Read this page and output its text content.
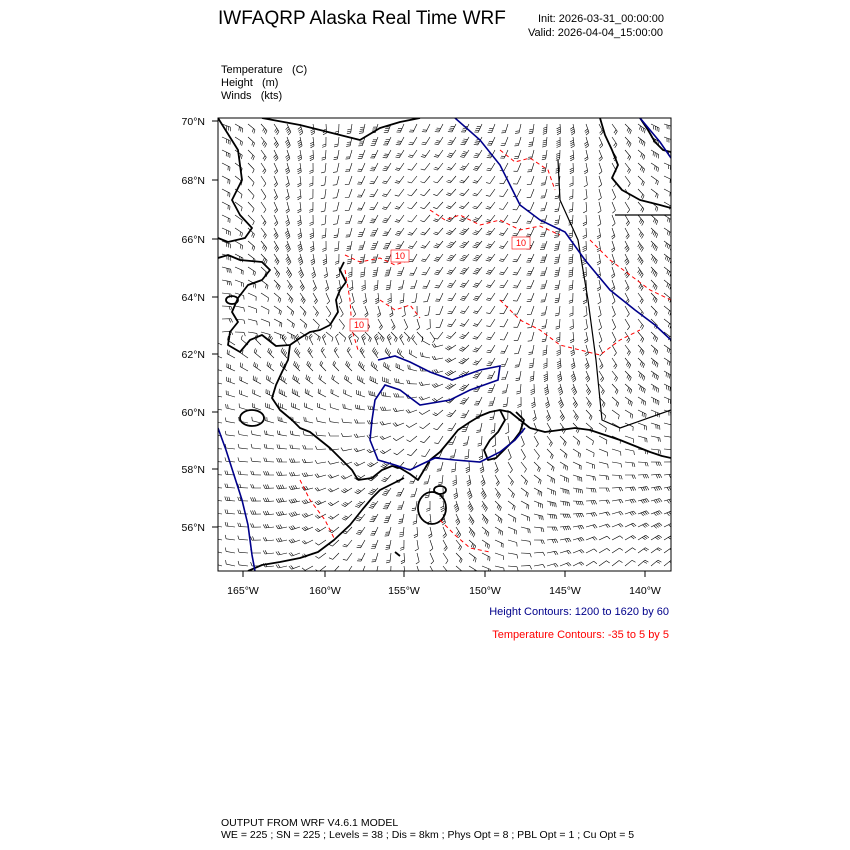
IWFAQRP Alaska Real Time WRF	Init: 2026-03-31_00:00:00
Valid: 2026-04-04_15:00:00
Temperature (C)
Height (m)
Winds (kts)
10
10
10
70°N
68°N
66°N
64°N
62°N
60°N
58°N
56°N
165°W	160°W	155°W	150°W	145°W	140°W
Height Contours: 1200 to 1620 by 60
Temperature Contours: -35 to 5 by 5
OUTPUT FROM WRF V4.6.1 MODEL
WE = 225 ; SN = 225 ; Levels = 38 ; Dis = 8km ; Phys Opt = 8 ; PBL Opt = 1 ; Cu Opt = 5
